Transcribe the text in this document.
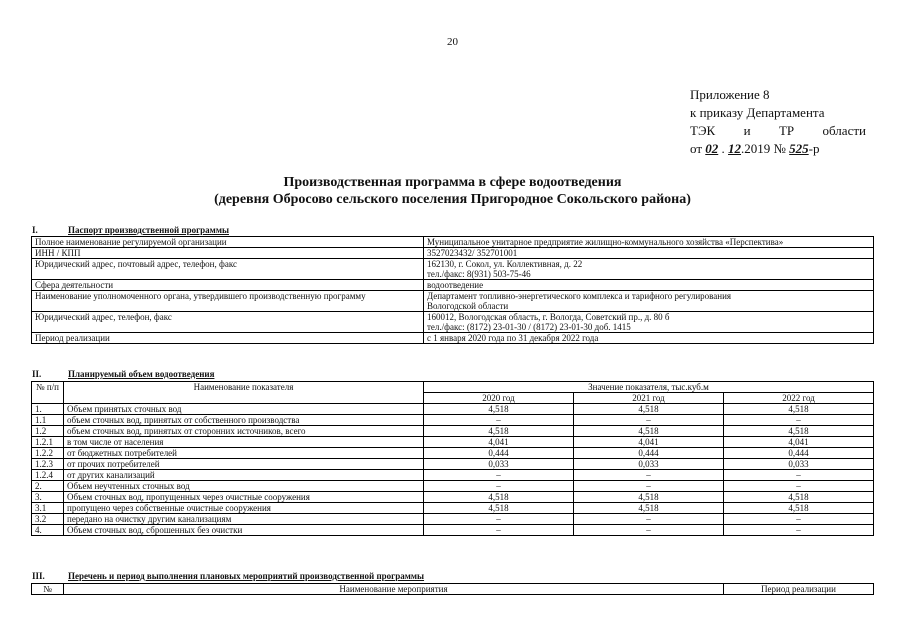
20
Приложение 8
к приказу Департамента
ТЭК и ТР области
от 02 . 12.2019 № 525-р
Производственная программа в сфере водоотведения
(деревня Обросово сельского поселения Пригородное Сокольского района)
I.	Паспорт производственной программы
Полное наименование регулируемой организации	Муниципальное унитарное предприятие жилищно-коммунального хозяйства «Перспектива»
ИНН / КПП	3527023432/ 352701001
Юридический адрес, почтовый адрес, телефон, факс	162130, г. Сокол, ул. Коллективная, д. 22
тел./факс: 8(931) 503-75-46

Сфера деятельности	водоотведение
Наименование уполномоченного органа, утвердившего производственную программу	Департамент топливно-энергетического комплекса и тарифного регулирования
Вологодской области

Юридический адрес, телефон, факс	160012, Вологодская область, г. Вологда, Советский пр., д. 80 б
тел./факс: (8172) 23-01-30 / (8172) 23-01-30 доб. 1415

Период реализации	с 1 января 2020 года по 31 декабря 2022 года
II.	Планируемый объем водоотведения
№ п/п	Наименование показателя	Значение показателя, тыс.куб.м		
		2020 год	2021 год	2022 год
1.	Объем принятых сточных вод	4,518	4,518	4,518
1.1	объем сточных вод, принятых от собственного производства	–	–	–
1.2	объем сточных вод, принятых от сторонних источников, всего	4,518	4,518	4,518
1.2.1	в том числе от населения	4,041	4,041	4,041
1.2.2	от бюджетных потребителей	0,444	0,444	0,444
1.2.3	от прочих потребителей	0,033	0,033	0,033
1.2.4	от других канализаций	–	–	–
2.	Объем неучтенных сточных вод	–	–	–
3.	Объем сточных вод, пропущенных через очистные сооружения	4,518	4,518	4,518
3.1	пропущено через собственные очистные сооружения	4,518	4,518	4,518
3.2	передано на очистку другим канализациям	–	–	–
4.	Объем сточных вод, сброшенных без очистки	–	–	–
III.	Перечень и период выполнения плановых мероприятий производственной программы
№	Наименование мероприятия	Период реализации
